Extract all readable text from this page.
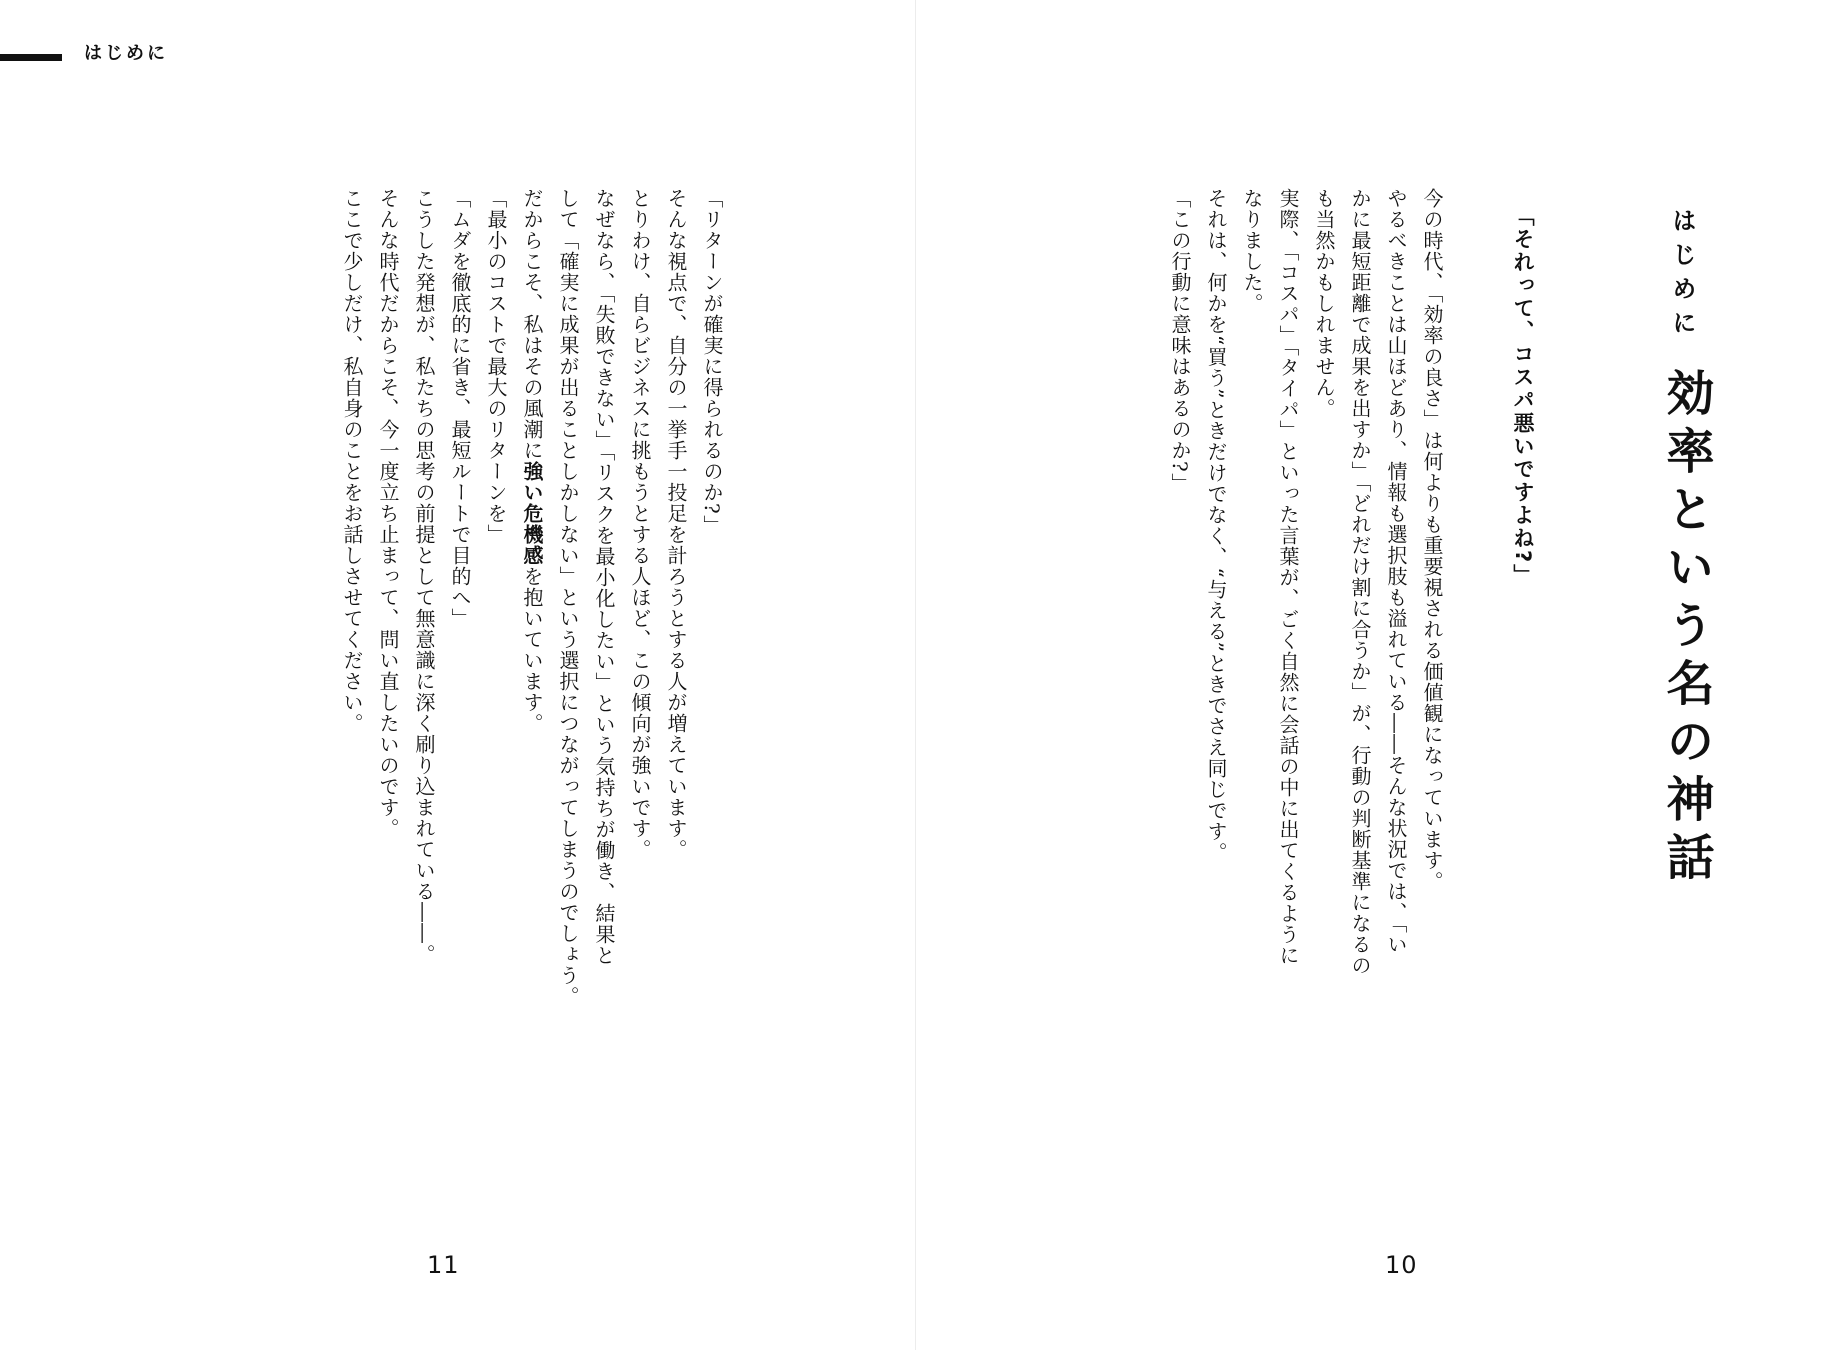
はじめに
はじめに
効率という名の神話
「それって、コスパ悪いですよね?」

今の時代、「効率の良さ」は何よりも重要視される価値観になっています。

やるべきことは山ほどあり、情報も選択肢も溢れている――そんな状況では、「い

かに最短距離で成果を出すか」「どれだけ割に合うか」が、行動の判断基準になるの

も当然かもしれません。

実際、「コスパ」「タイパ」といった言葉が、ごく自然に会話の中に出てくるように

なりました。

それは、何かを“買う”ときだけでなく、“与える”ときでさえ同じです。

「この行動に意味はあるのか?」

「リターンが確実に得られるのか?」

そんな視点で、自分の一挙手一投足を計ろうとする人が増えています。

とりわけ、自らビジネスに挑もうとする人ほど、この傾向が強いです。

なぜなら、「失敗できない」「リスクを最小化したい」という気持ちが働き、結果と

して「確実に成果が出ることしかしない」という選択につながってしまうのでしょう。

だからこそ、私はその風潮に強い危機感を抱いています。

「最小のコストで最大のリターンを」

「ムダを徹底的に省き、最短ルートで目的へ」

こうした発想が、私たちの思考の前提として無意識に深く刷り込まれている――。

そんな時代だからこそ、今一度立ち止まって、問い直したいのです。

ここで少しだけ、私自身のことをお話しさせてください。

11	10
